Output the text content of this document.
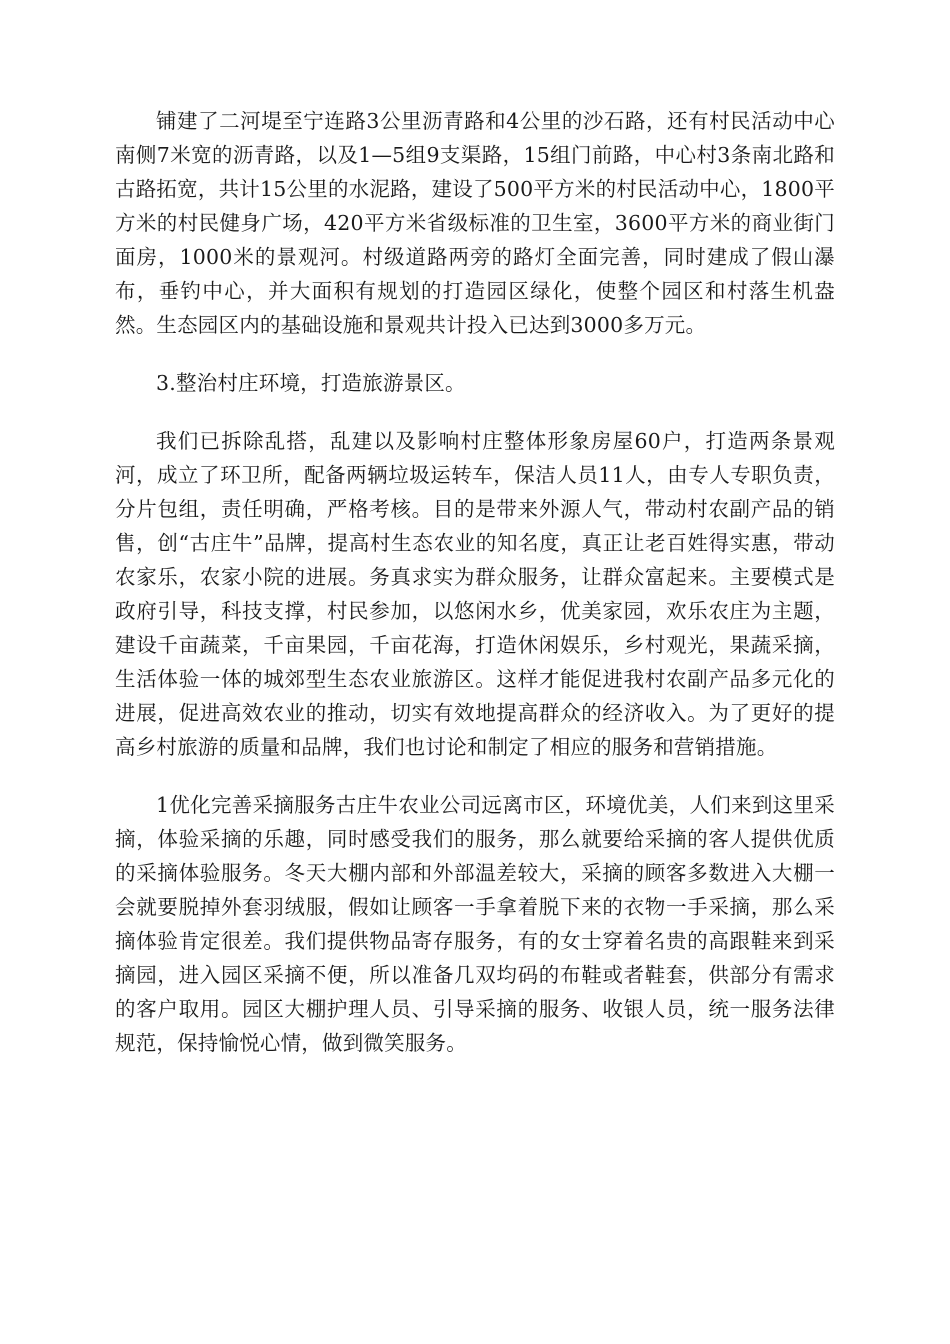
铺建了二河堤至宁连路3公里沥青路和4公里的沙石路，还有村民活动中心南侧7米宽的沥青路，以及1—5组9支渠路，15组门前路，中心村3条南北路和古路拓宽，共计15公里的水泥路，建设了500平方米的村民活动中心，1800平方米的村民健身广场，420平方米省级标准的卫生室，3600平方米的商业街门面房，1000米的景观河。村级道路两旁的路灯全面完善，同时建成了假山瀑布，垂钓中心，并大面积有规划的打造园区绿化，使整个园区和村落生机盎然。生态园区内的基础设施和景观共计投入已达到3000多万元。

3.整治村庄环境，打造旅游景区。

我们已拆除乱搭，乱建以及影响村庄整体形象房屋60户，打造两条景观河，成立了环卫所，配备两辆垃圾运转车，保洁人员11人，由专人专职负责，分片包组，责任明确，严格考核。目的是带来外源人气，带动村农副产品的销售，创“古庄牛”品牌，提高村生态农业的知名度，真正让老百姓得实惠，带动农家乐，农家小院的进展。务真求实为群众服务，让群众富起来。主要模式是政府引导，科技支撑，村民参加，以悠闲水乡，优美家园，欢乐农庄为主题，建设千亩蔬菜，千亩果园，千亩花海，打造休闲娱乐，乡村观光，果蔬采摘，生活体验一体的城郊型生态农业旅游区。这样才能促进我村农副产品多元化的进展，促进高效农业的推动，切实有效地提高群众的经济收入。为了更好的提高乡村旅游的质量和品牌，我们也讨论和制定了相应的服务和营销措施。

1优化完善采摘服务古庄牛农业公司远离市区，环境优美，人们来到这里采摘，体验采摘的乐趣，同时感受我们的服务，那么就要给采摘的客人提供优质的采摘体验服务。冬天大棚内部和外部温差较大，采摘的顾客多数进入大棚一会就要脱掉外套羽绒服，假如让顾客一手拿着脱下来的衣物一手采摘，那么采摘体验肯定很差。我们提供物品寄存服务，有的女士穿着名贵的高跟鞋来到采摘园，进入园区采摘不便，所以准备几双均码的布鞋或者鞋套，供部分有需求的客户取用。园区大棚护理人员、引导采摘的服务、收银人员，统一服务法律规范，保持愉悦心情，做到微笑服务。
